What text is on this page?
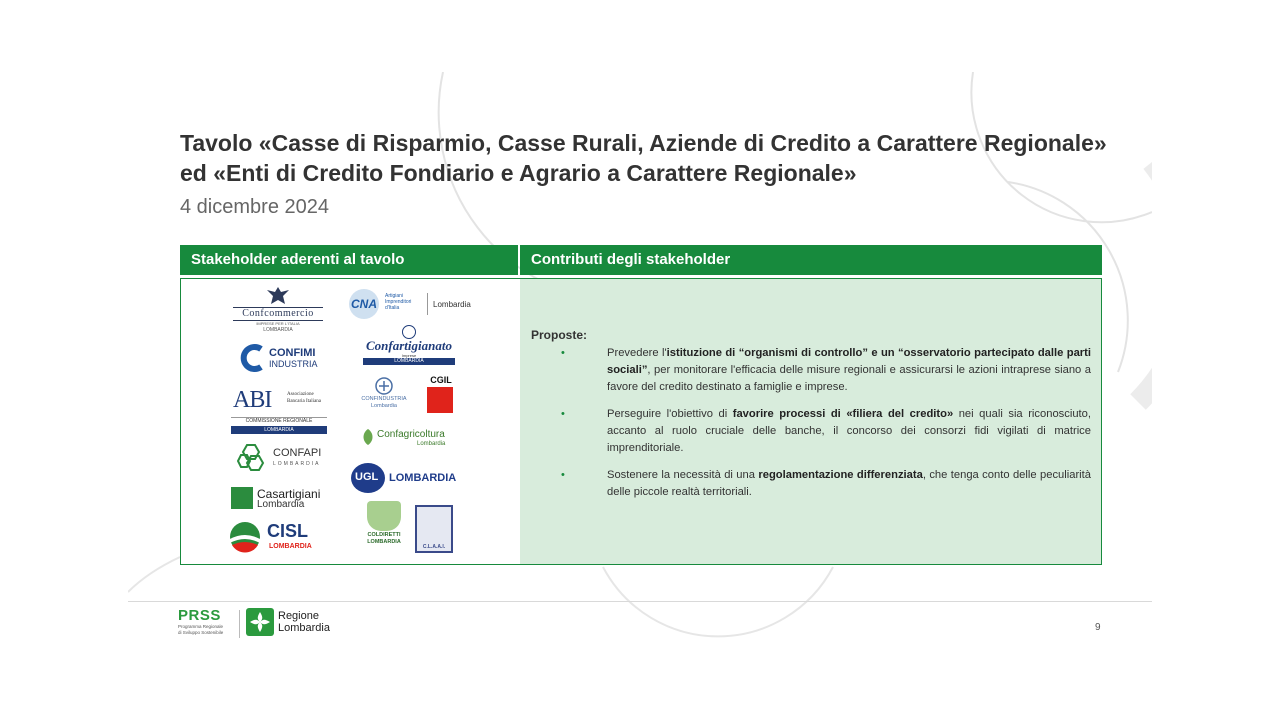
Tavolo «Casse di Risparmio, Casse Rurali, Aziende di Credito a Carattere Regionale» ed «Enti di Credito Fondiario e Agrario a Carattere Regionale»
4 dicembre 2024
Stakeholder aderenti al tavolo	Contributi degli stakeholder
Confcommercio
IMPRESE PER L'ITALIA
LOMBARDIA
CNA
Artigiani Imprenditori d'Italia	Lombardia
CONFIMI
INDUSTRIA
Confartigianato
Imprese
LOMBARDIA
ABI	Associazione Bancaria Italiana
COMMISSIONE REGIONALE
LOMBARDIA
CONFINDUSTRIA
Lombardia
CGIL
CONFAPI
LOMBARDIA
Confagricoltura
Lombardia
UGL LOMBARDIA
Casartigiani
Lombardia
COLDIRETTI
LOMBARDIA
C.L.A.A.I.
CISL
LOMBARDIA
Proposte:
•	Prevedere l'istituzione di “organismi di controllo” e un “osservatorio partecipato dalle parti sociali”, per monitorare l'efficacia delle misure regionali e assicurarsi le azioni intraprese siano a favore del credito destinato a famiglie e imprese.
•	Perseguire l'obiettivo di favorire processi di «filiera del credito» nei quali sia riconosciuto, accanto al ruolo cruciale delle banche, il concorso dei consorzi fidi vigilati di matrice imprenditoriale.
•	Sostenere la necessità di una regolamentazione differenziata, che tenga conto delle peculiarità delle piccole realtà territoriali.
PRSS
Programma Regionale
di Sviluppo Sostenibile
Regione
Lombardia	9
